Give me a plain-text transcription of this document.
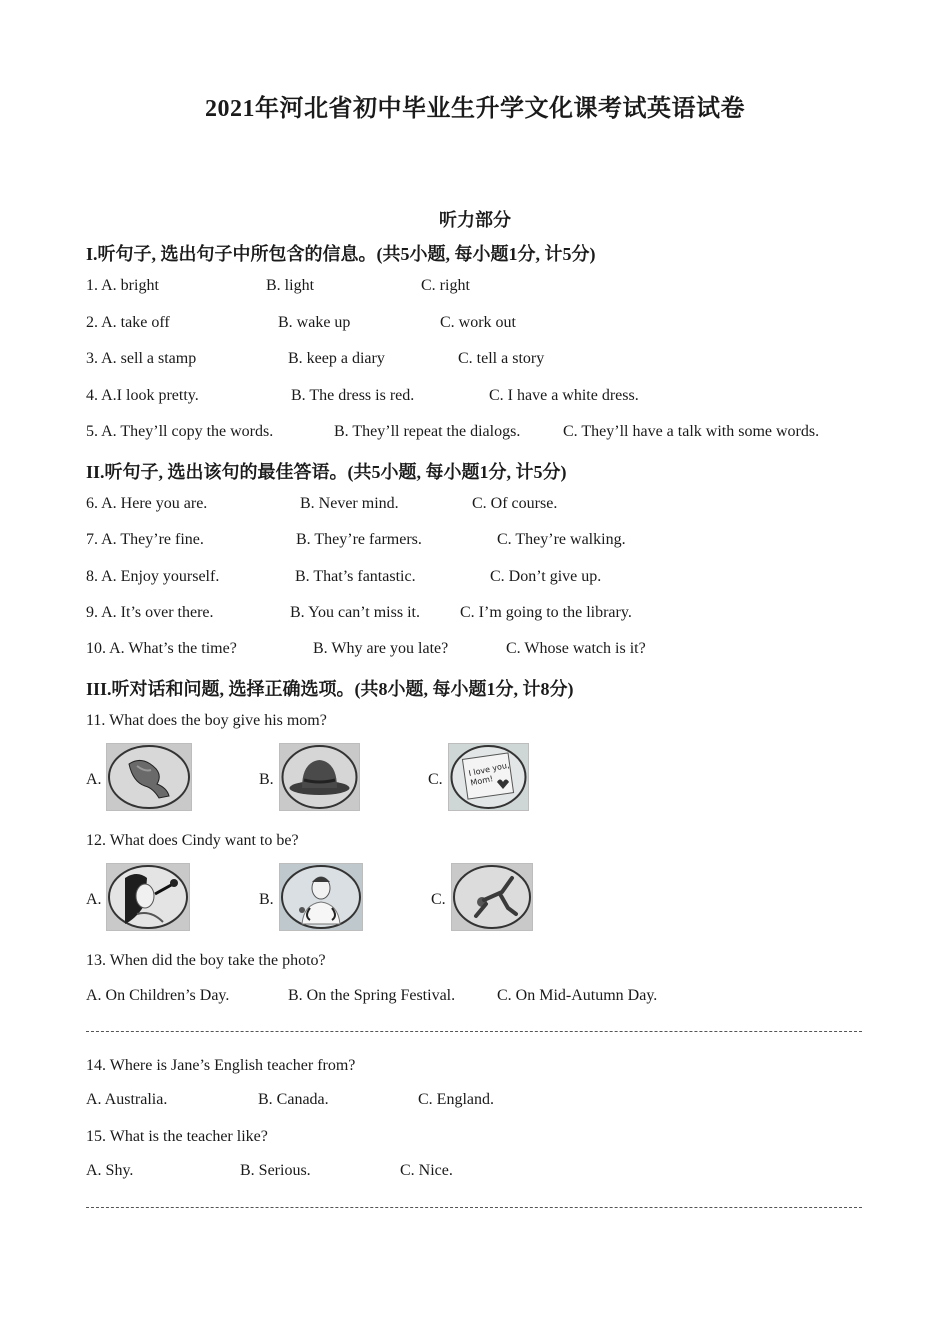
2021年河北省初中毕业生升学文化课考试英语试卷
听力部分
I.听句子, 选出句子中所包含的信息。(共5小题, 每小题1分, 计5分)
1. A. bright	B. light	C. right
2. A. take off	B. wake up	C. work out
3. A. sell a stamp	B. keep a diary	C. tell a story
4. A.I look pretty.	B. The dress is red.	C. I have a white dress.
5. A. They’ll copy the words.	B. They’ll repeat the dialogs.	C. They’ll have a talk with some words.
II.听句子, 选出该句的最佳答语。(共5小题, 每小题1分, 计5分)
6. A. Here you are.	B. Never mind.	C. Of course.
7. A. They’re fine.	B. They’re farmers.	C. They’re walking.
8. A. Enjoy yourself.	B. That’s fantastic.	C. Don’t give up.
9. A. It’s over there.	B. You can’t miss it.	C. I’m going to the library.
10. A. What’s the time?	B. Why are you late?	C. Whose watch is it?
III.听对话和问题, 选择正确选项。(共8小题, 每小题1分, 计8分)
11. What does the boy give his mom?
A.	B.	C.
I love you,
Mom!
12. What does Cindy want to be?
A.	B.	C.
13. When did the boy take the photo?
A. On Children’s Day.	B. On the Spring Festival.	C. On Mid-Autumn Day.
14. Where is Jane’s English teacher from?
A. Australia.	B. Canada.	C. England.
15. What is the teacher like?
A. Shy.	B. Serious.	C. Nice.
